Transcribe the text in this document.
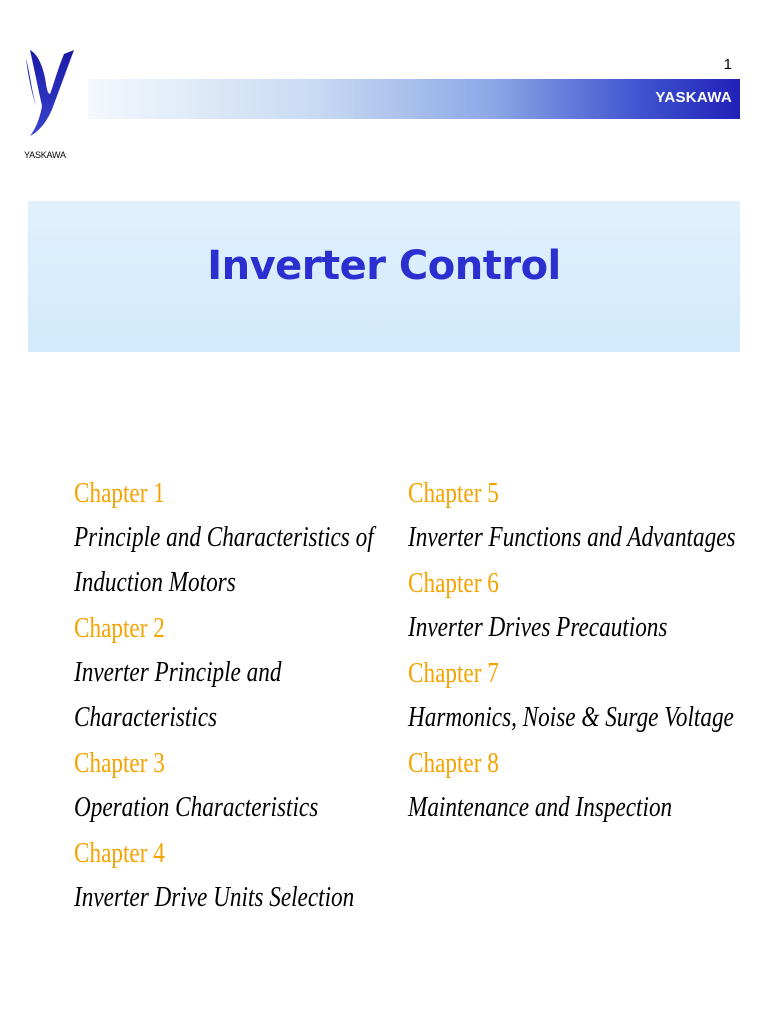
YASKAWA
1
YASKAWA
Inverter Control
Chapter 1
Principle and Characteristics of Induction Motors
Chapter 2
Inverter Principle and Characteristics
Chapter 3
Operation Characteristics
Chapter 4
Inverter Drive Units Selection
Chapter 5
Inverter Functions and Advantages
Chapter 6
Inverter Drives Precautions
Chapter 7
Harmonics, Noise & Surge Voltage
Chapter 8
Maintenance and Inspection
